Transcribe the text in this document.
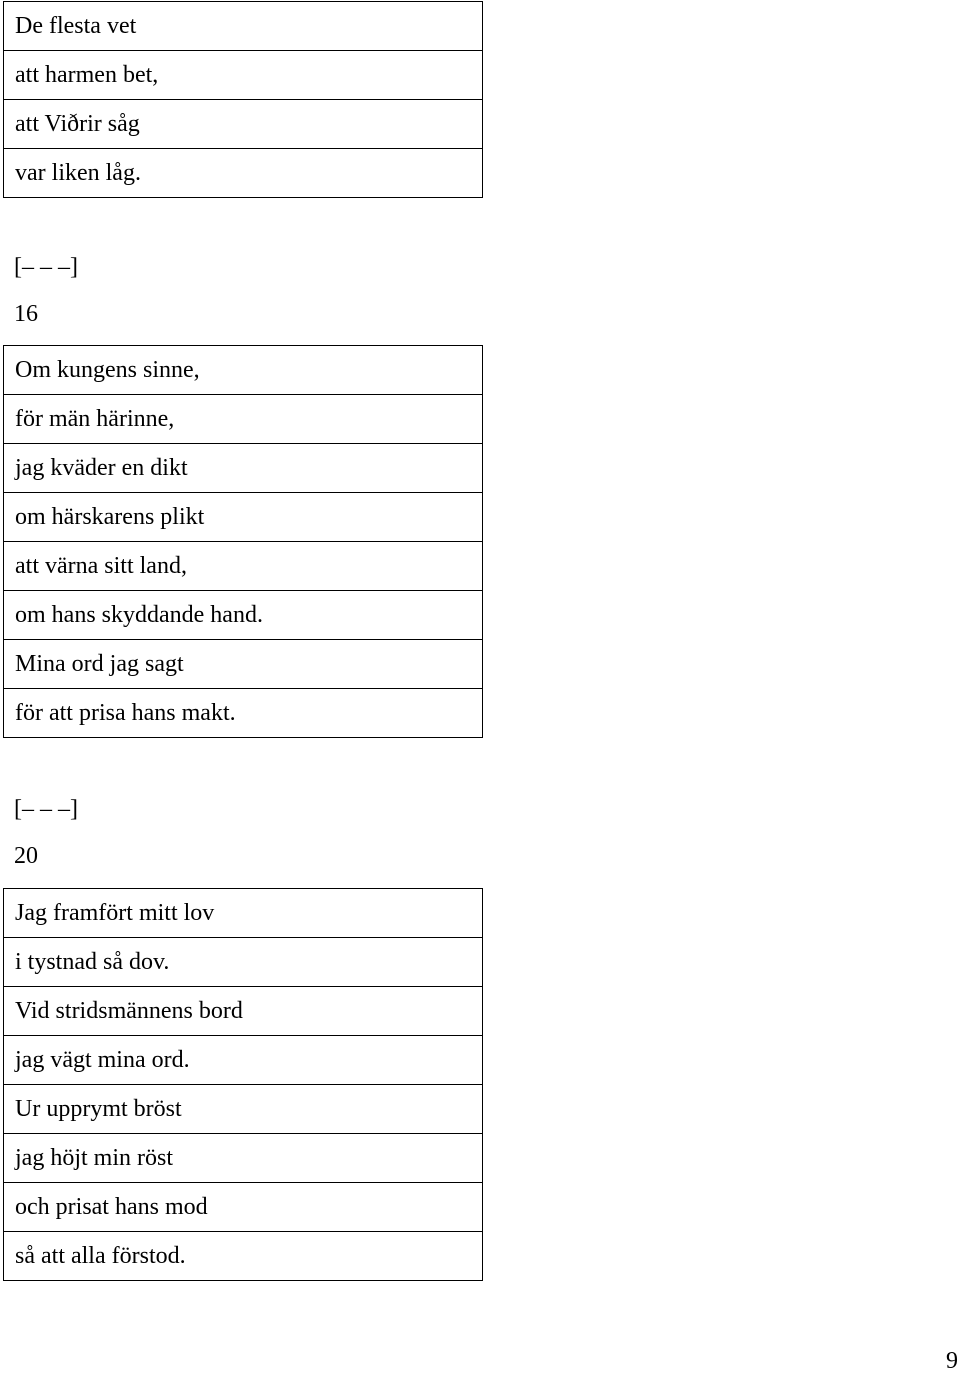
De flesta vet
att harmen bet,
att Viðrir såg
var liken låg.
[– – –]
16
Om kungens sinne,
för män härinne,
jag kväder en dikt
om härskarens plikt
att värna sitt land,
om hans skyddande hand.
Mina ord jag sagt
för att prisa hans makt.
[– – –]
20
Jag framfört mitt lov
i tystnad så dov.
Vid stridsmännens bord
jag vägt mina ord.
Ur upprymt bröst
jag höjt min röst
och prisat hans mod
så att alla förstod.
9
